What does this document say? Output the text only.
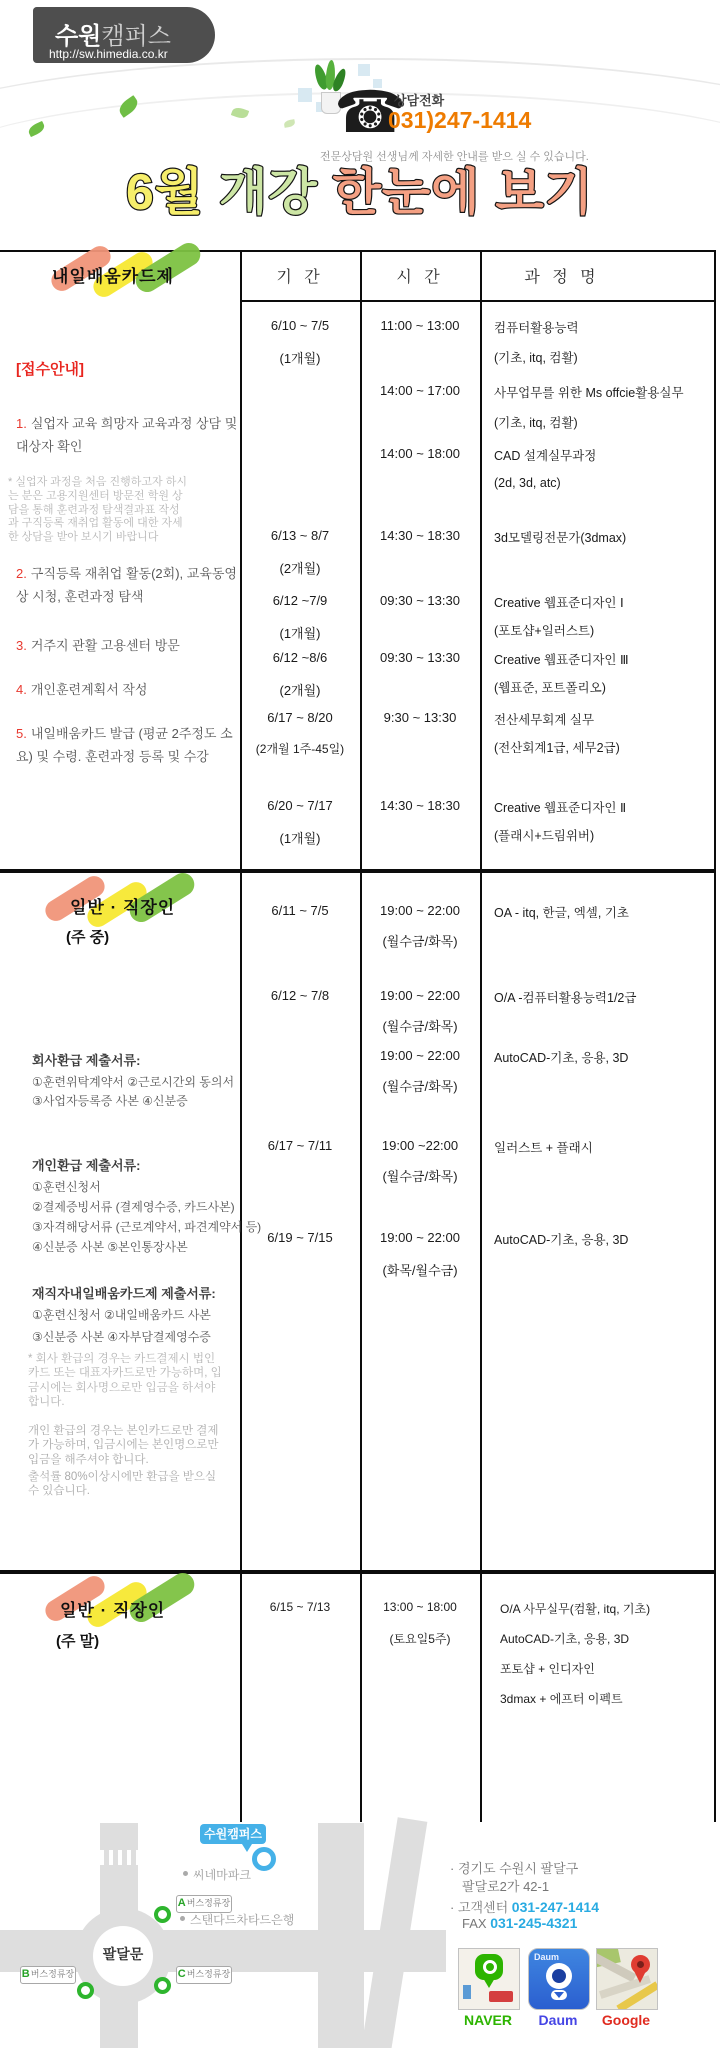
수원캠퍼스
http://sw.himedia.co.kr
☎
상담전화
031)247-1414
전문상담원 선생님께 자세한 안내를 받으 실 수 있습니다.
6월 개강 한눈에 보기
기 간	시 간	과 정 명
내일배움카드제
[접수안내]
1. 실업자 교육 희망자 교육과정 상담 및 대상자 확인
* 실업자 과정을 처음 진행하고자 하시는 분은 고용지원센터 방문전 학원 상담을 통해 훈련과정 탐색결과표 작성과 구직등록 재취업 활동에 대한 자세한 상담을 받아 보시기 바랍니다
2. 구직등록 재취업 활동(2회), 교육동영상 시청, 훈련과정 탐색
3. 거주지 관활 고용센터 방문
4. 개인훈련계획서 작성
5. 내일배움카드 발급 (평균 2주정도 소요) 및 수령. 훈련과정 등록 및 수강
6/10 ~ 7/5
(1개월)
11:00 ~ 13:00	컴퓨터활용능력
(기초, itq, 컴활)
14:00 ~ 17:00	사무업무를 위한 Ms offcie활용실무
(기초, itq, 컴활)
14:00 ~ 18:00	CAD 설계실무과정
(2d, 3d, atc)
6/13 ~ 8/7
(2개월)
14:30 ~ 18:30	3d모델링전문가(3dmax)
6/12 ~7/9
(1개월)
09:30 ~ 13:30	Creative 웹표준디자인 Ⅰ
(포토샵+일러스트)
6/12 ~8/6
(2개월)
09:30 ~ 13:30	Creative 웹표준디자인 Ⅲ
(웹표준, 포트폴리오)
6/17 ~ 8/20
(2개월 1주-45일)
9:30 ~ 13:30	전산세무회계 실무
(전산회계1급, 세무2급)
6/20 ~ 7/17
(1개월)
14:30 ~ 18:30	Creative 웹표준디자인 Ⅱ
(플래시+드림위버)
일반 · 직장인
(주 중)
회사환급 제출서류:
①훈련위탁계약서 ②근로시간외 동의서
③사업자등록증 사본 ④신분증
개인환급 제출서류:
①훈련신청서
②결제증빙서류 (결제영수증, 카드사본)
③자격해당서류 (근로계약서, 파견계약서 등)
④신분증 사본 ⑤본인통장사본
재직자내일배움카드제 제출서류:
①훈련신청서 ②내일배움카드 사본
③신분증 사본 ④자부담결제영수증
* 회사 환급의 경우는 카드결제시 법인카드 또는 대표자카드로만 가능하며, 입금시에는 회사명으로만 입금을 하셔야 합니다.
개인 환급의 경우는 본인카드로만 결제가 가능하며, 입금시에는 본인명으로만 입금을 해주셔야 합니다.
출석률 80%이상시에만 환급을 받으실 수 있습니다.
6/11 ~ 7/5	19:00 ~ 22:00
(월수금/화목)
OA - itq, 한글, 엑셀, 기초
6/12 ~ 7/8	19:00 ~ 22:00
(월수금/화목)
O/A -컴퓨터활용능력1/2급
19:00 ~ 22:00
(월수금/화목)
AutoCAD-기초, 응용, 3D
6/17 ~ 7/11	19:00 ~22:00
(월수금/화목)
일러스트 + 플래시
6/19 ~ 7/15	19:00 ~ 22:00
(화목/월수금)
AutoCAD-기초, 응용, 3D
일반 · 직장인
(주 말)
6/15 ~ 7/13	13:00 ~ 18:00
(토요일5주)
O/A 사무실무(컴활, itq, 기초)
AutoCAD-기초, 응용, 3D
포토샵 + 인디자인
3dmax + 에프터 이펙트
팔달문
수원캠퍼스
씨네마파크
A버스정류장
스탠다드차타드은행
B버스정류장	C버스정류장
· 경기도 수원시 팔달구
팔달로2가 42-1
· 고객센터 031-247-1414
FAX 031-245-4321
Daum
NAVER	Daum	Google
